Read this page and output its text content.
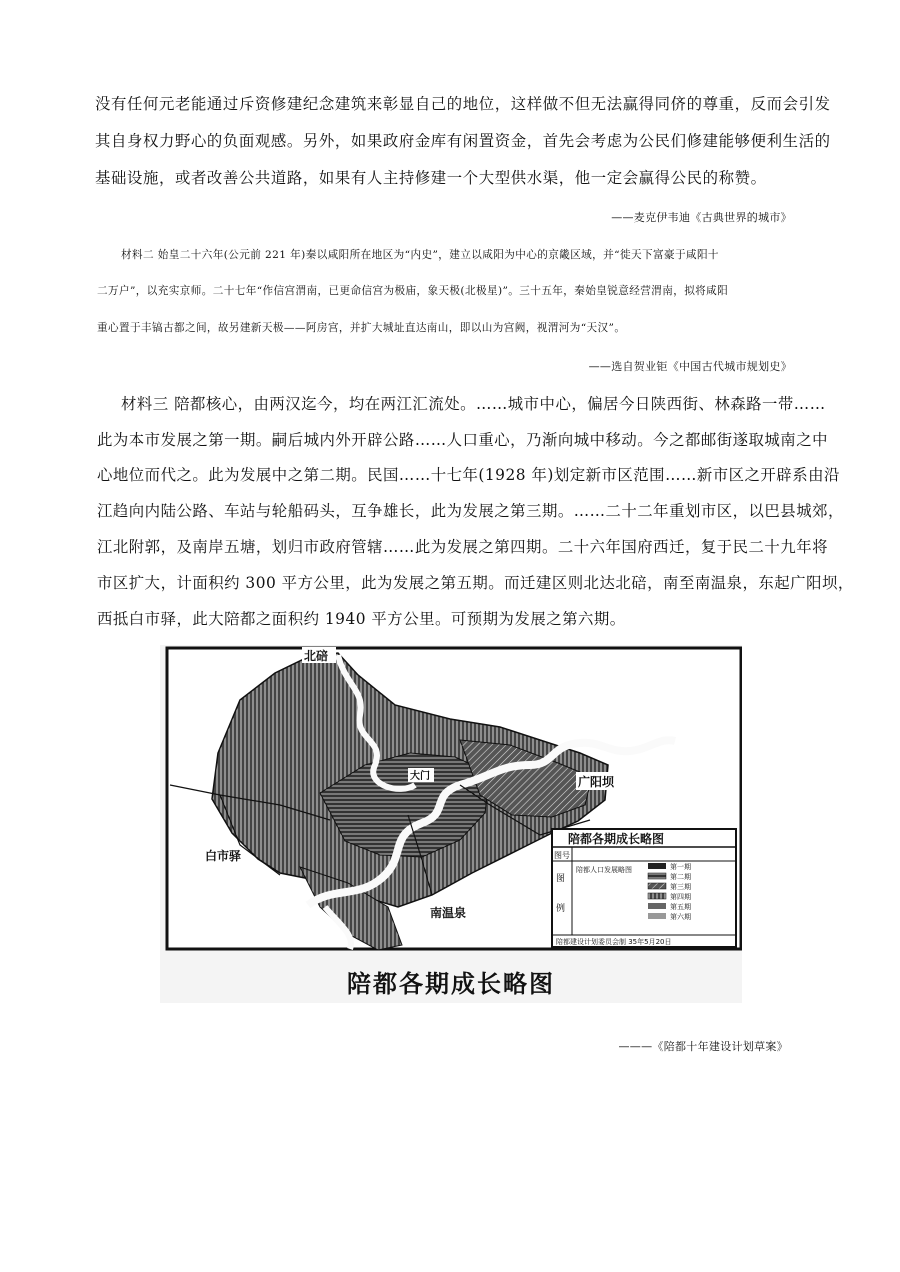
没有任何元老能通过斥资修建纪念建筑来彰显自己的地位，这样做不但无法赢得同侪的尊重，反而会引发
其自身权力野心的负面观感。另外，如果政府金库有闲置资金，首先会考虑为公民们修建能够便利生活的
基础设施，或者改善公共道路，如果有人主持修建一个大型供水渠，他一定会赢得公民的称赞。
——麦克伊韦迪《古典世界的城市》
材料二 始皇二十六年(公元前 221 年)秦以咸阳所在地区为“内史”，建立以咸阳为中心的京畿区域，并“徙天下富豪于咸阳十
二万户”，以充实京师。二十七年“作信宫渭南，已更命信宫为极庙，象天极(北极星)”。三十五年，秦始皇锐意经营渭南，拟将咸阳
重心置于丰镐古都之间，故另建新天极——阿房宫，并扩大城址直达南山，即以山为宫阙，视渭河为“天汉”。
——选自贺业钜《中国古代城市规划史》
材料三 陪都核心，由两汉迄今，均在两江汇流处。……城市中心，偏居今日陕西街、林森路一带……
此为本市发展之第一期。嗣后城内外开辟公路……人口重心，乃渐向城中移动。今之都邮街遂取城南之中
心地位而代之。此为发展中之第二期。民国……十七年(1928 年)划定新市区范围……新市区之开辟系由沿
江趋向内陆公路、车站与轮船码头，互争雄长，此为发展之第三期。……二十二年重划市区，以巴县城郊，
江北附郭，及南岸五塘，划归市政府管辖……此为发展之第四期。二十六年国府西迁，复于民二十九年将
市区扩大，计面积约 300 平方公里，此为发展之第五期。而迁建区则北达北碚，南至南温泉，东起广阳坝，
西抵白市驿，此大陪都之面积约 1940 平方公里。可预期为发展之第六期。
北碚
大门	广阳坝
白市驿
南温泉
陪都各期成长略图
图号
图
例
陪都人口发展略图	第一期
第二期
第三期
第四期
第五期
第六期
陪都建设计划委员会制 35年5月20日
陪都各期成长略图
———《陪都十年建设计划草案》
